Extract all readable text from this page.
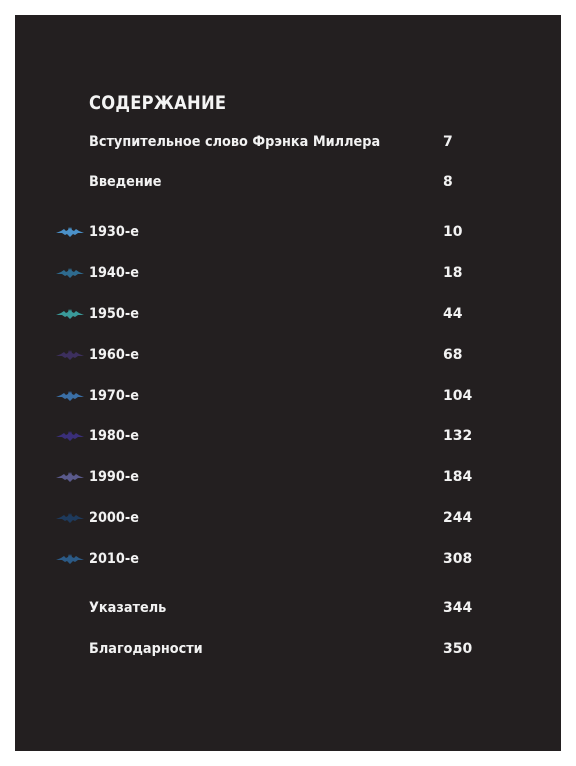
СОДЕРЖАНИЕ
Вступительное слово Фрэнка Миллера	7
Введение	8
1930-е	10
1940-е	18
1950-е	44
1960-е	68
1970-е	104
1980-е	132
1990-е	184
2000-е	244
2010-е	308
Указатель	344
Благодарности	350
